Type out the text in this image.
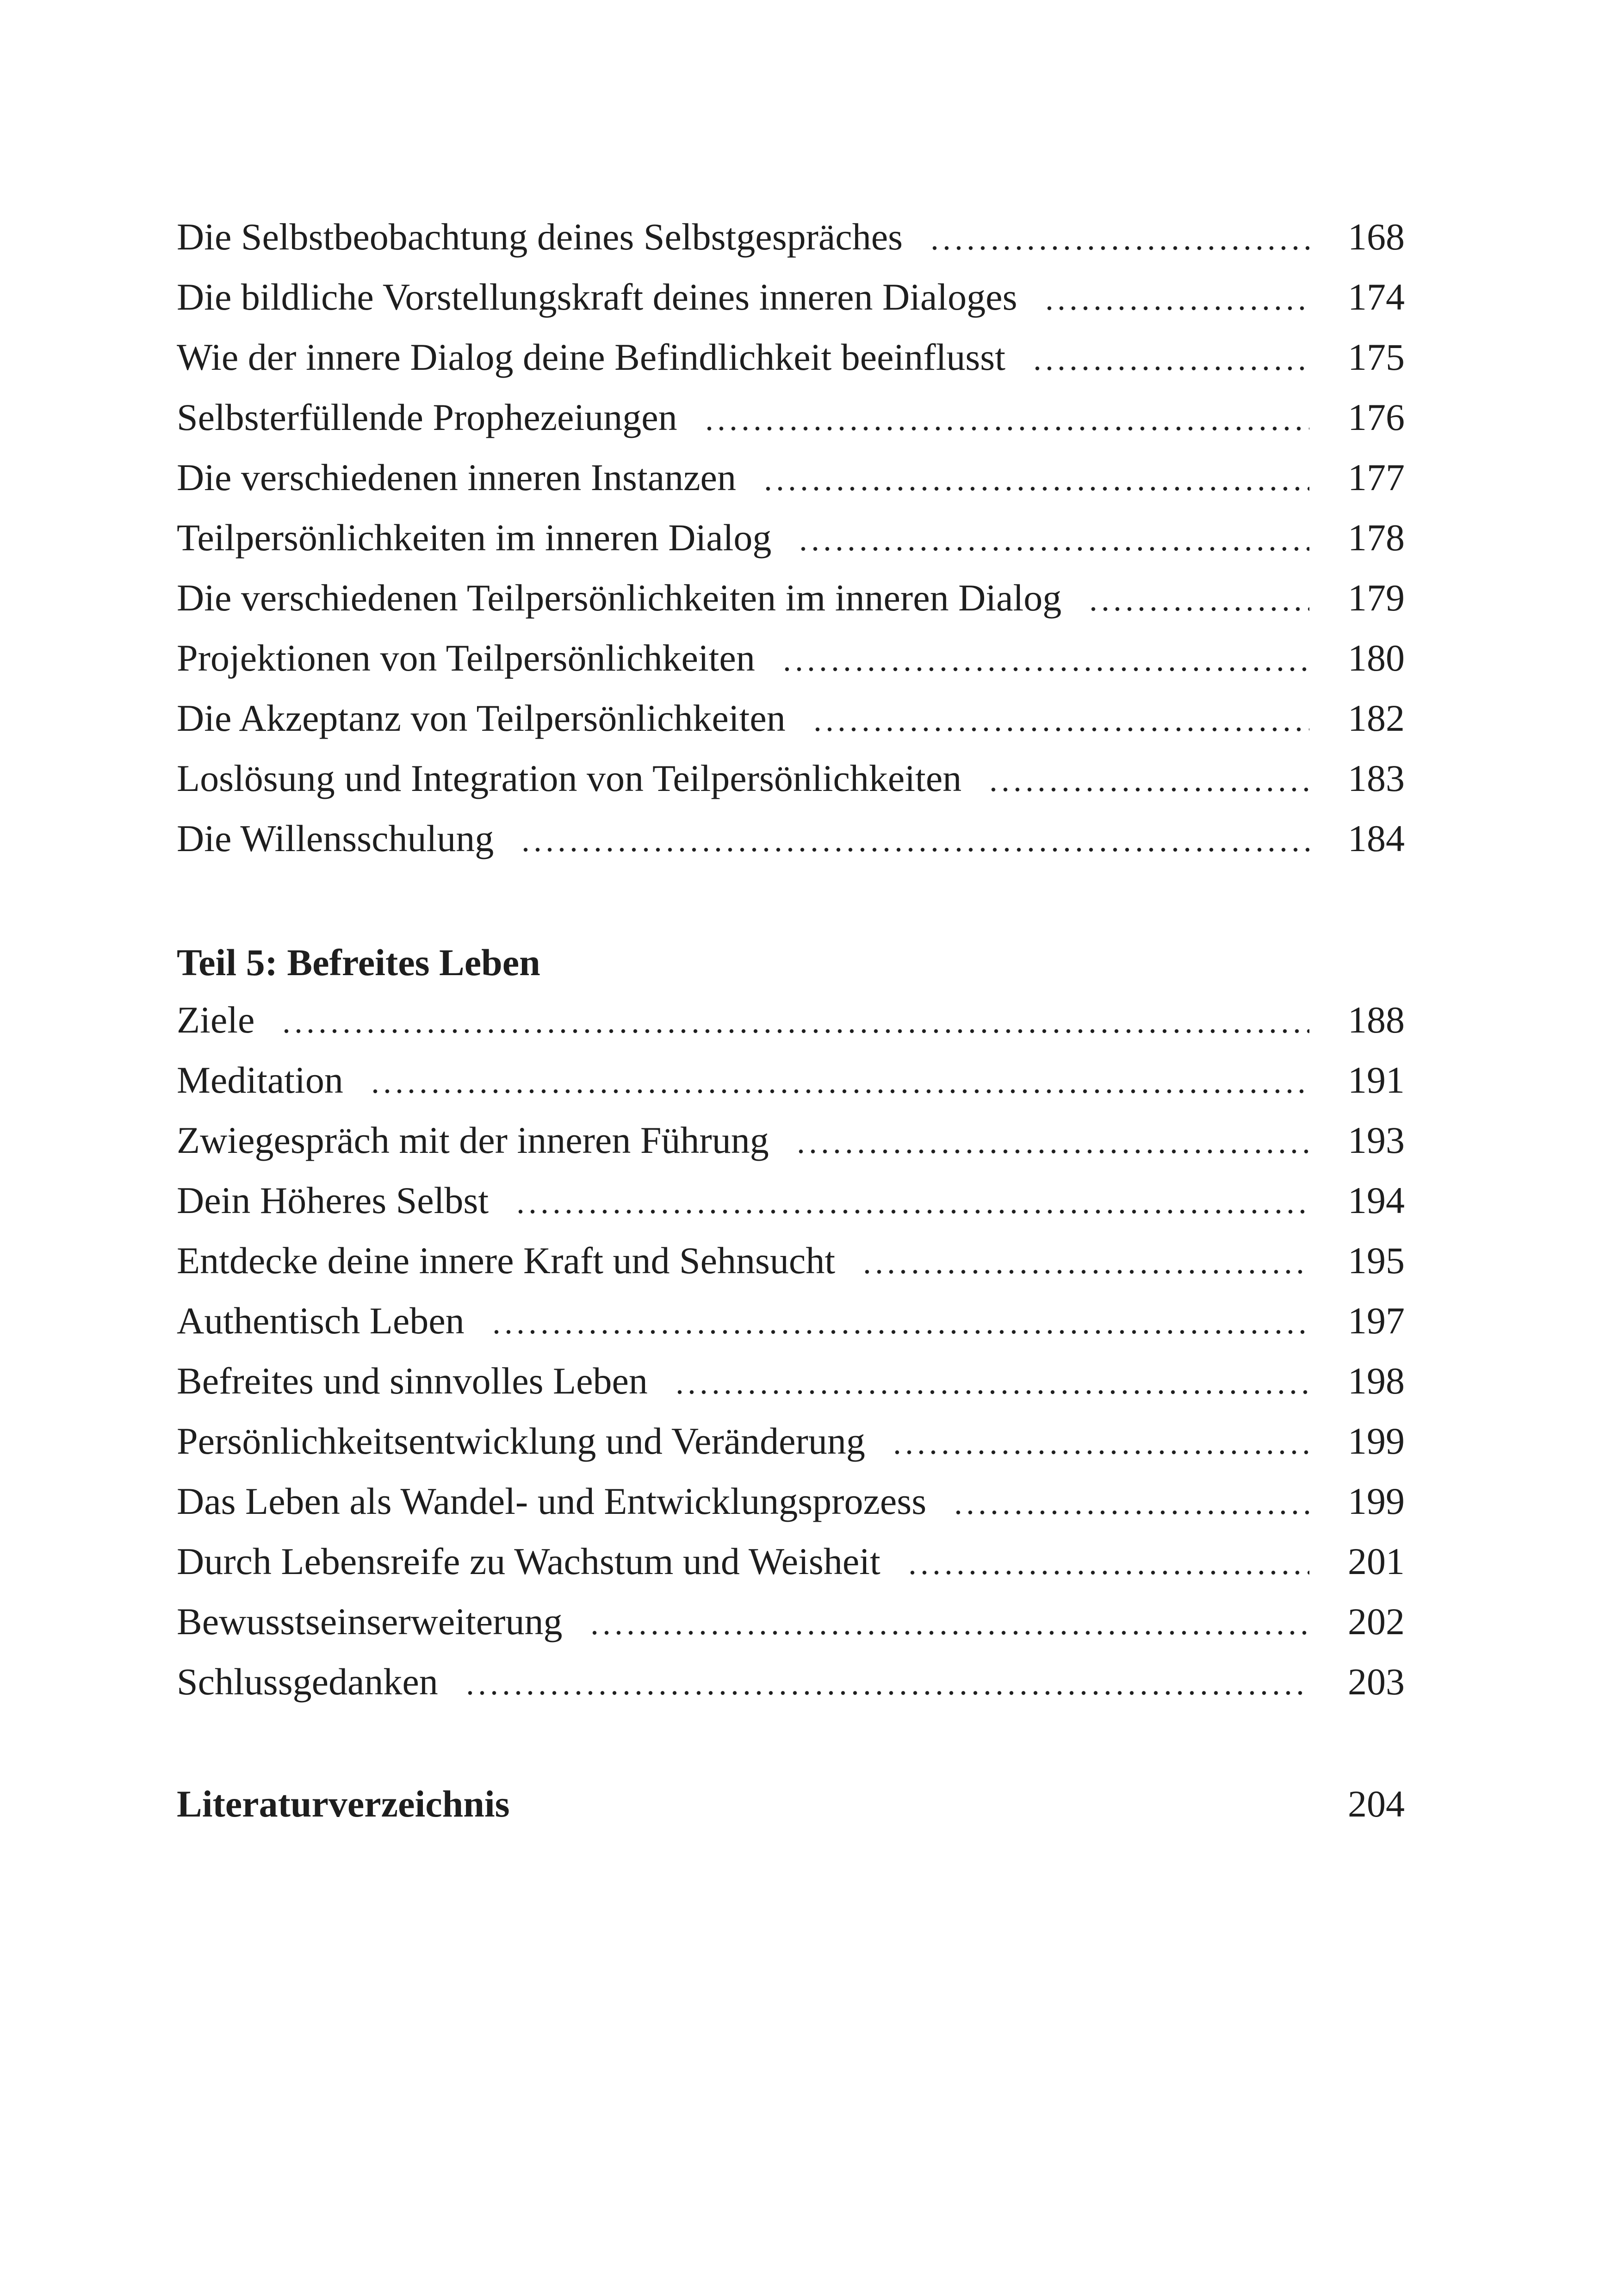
Die Selbstbeobachtung deines Selbstgespräches	168
Die bildliche Vorstellungskraft deines inneren Dialoges	174
Wie der innere Dialog deine Befindlichkeit beeinflusst	175
Selbsterfüllende Prophezeiungen	176
Die verschiedenen inneren Instanzen	177
Teilpersönlichkeiten im inneren Dialog	178
Die verschiedenen Teilpersönlichkeiten im inneren Dialog	179
Projektionen von Teilpersönlichkeiten	180
Die Akzeptanz von Teilpersönlichkeiten	182
Loslösung und Integration von Teilpersönlichkeiten	183
Die Willensschulung	184
Teil 5: Befreites Leben
Ziele	188
Meditation	191
Zwiegespräch mit der inneren Führung	193
Dein Höheres Selbst	194
Entdecke deine innere Kraft und Sehnsucht	195
Authentisch Leben	197
Befreites und sinnvolles Leben	198
Persönlichkeitsentwicklung und Veränderung	199
Das Leben als Wandel- und Entwicklungsprozess	199
Durch Lebensreife zu Wachstum und Weisheit	201
Bewusstseinserweiterung	202
Schlussgedanken	203
Literaturverzeichnis	204
